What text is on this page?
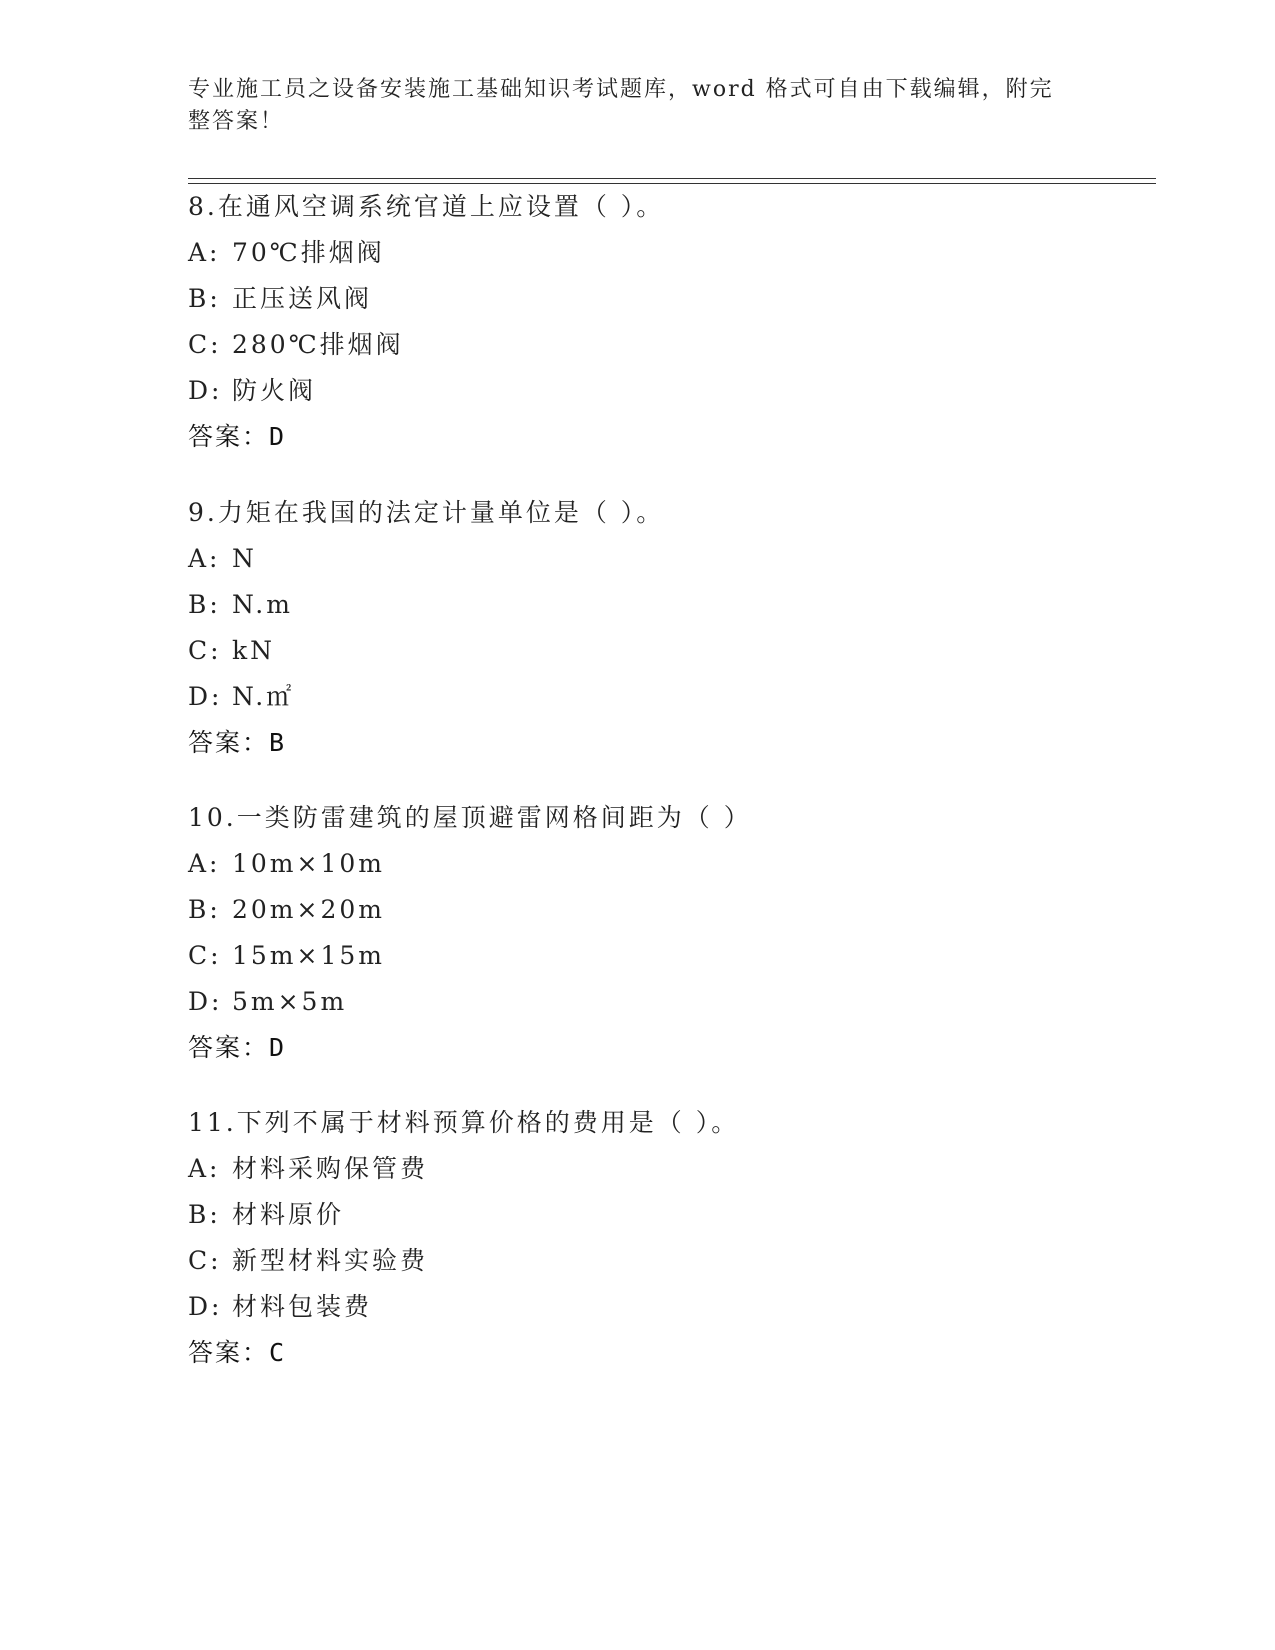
专业施工员之设备安装施工基础知识考试题库，word 格式可自由下载编辑，附完
整答案！
8.在通风空调系统官道上应设置（ ）。
A: 70℃排烟阀
B: 正压送风阀
C: 280℃排烟阀
D: 防火阀
答案：D
9.力矩在我国的法定计量单位是（ ）。
A: N
B: N.m
C: kN
D: N.㎡
答案：B
10.一类防雷建筑的屋顶避雷网格间距为（ ）
A: 10m×10m
B: 20m×20m
C: 15m×15m
D: 5m×5m
答案：D
11.下列不属于材料预算价格的费用是（ ）。
A: 材料采购保管费
B: 材料原价
C: 新型材料实验费
D: 材料包装费
答案：C
